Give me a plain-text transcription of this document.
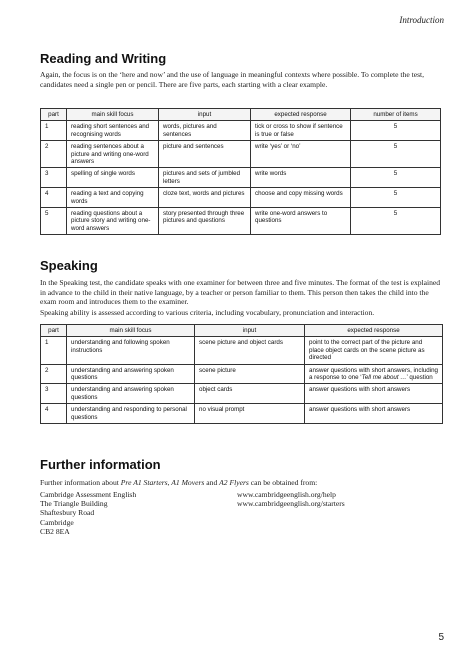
Introduction
Reading and Writing

Again, the focus is on the ‘here and now’ and the use of language in meaningful contexts where possible. To complete the test, candidates need a single pen or pencil. There are five parts, each starting with a clear example.

part	main skill focus	input	expected response	number of items
1	reading short sentences and recognising words	words, pictures and sentences	tick or cross to show if sentence is true or false	5
2	reading sentences about a picture and writing one-word answers	picture and sentences	write ‘yes’ or ‘no’	5
3	spelling of single words	pictures and sets of jumbled letters	write words	5
4	reading a text and copying words	cloze text, words and pictures	choose and copy missing words	5
5	reading questions about a picture story and writing one-word answers	story presented through three pictures and questions	write one-word answers to questions	5
Speaking

In the Speaking test, the candidate speaks with one examiner for between three and five minutes. The format of the test is explained in advance to the child in their native language, by a teacher or person familiar to them. This person then takes the child into the exam room and introduces them to the examiner.

Speaking ability is assessed according to various criteria, including vocabulary, pronunciation and interaction.

part	main skill focus	input	expected response
1	understanding and following spoken instructions	scene picture and object cards	point to the correct part of the picture and place object cards on the scene picture as directed
2	understanding and answering spoken questions	scene picture	answer questions with short answers, including a response to one ‘Tell me about …’ question
3	understanding and answering spoken questions	object cards	answer questions with short answers
4	understanding and responding to personal questions	no visual prompt	answer questions with short answers
Further information

Further information about Pre A1 Starters, A1 Movers and A2 Flyers can be obtained from:

Cambridge Assessment English
The Triangle Building
Shaftesbury Road
Cambridge
CB2 8EA
www.cambridgeenglish.org/help
www.cambridgeenglish.org/starters
5
